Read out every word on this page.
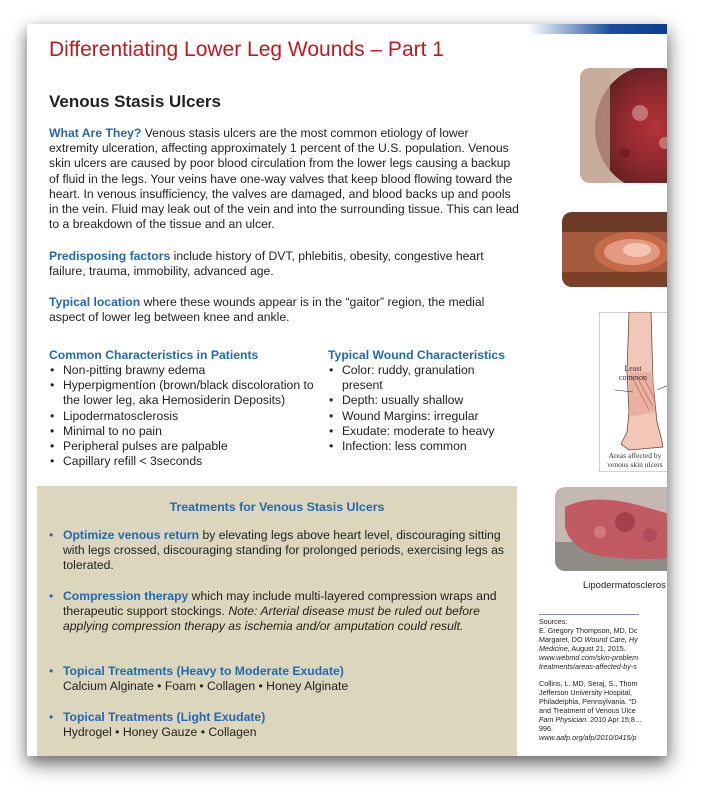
Differentiating Lower Leg Wounds – Part 1
Venous Stasis Ulcers
What Are They? Venous stasis ulcers are the most common etiology of lower extremity ulceration, affecting approximately 1 percent of the U.S. population. Venous skin ulcers are caused by poor blood circulation from the lower legs causing a backup of fluid in the legs. Your veins have one-way valves that keep blood flowing toward the heart. In venous insufficiency, the valves are damaged, and blood backs up and pools in the vein. Fluid may leak out of the vein and into the surrounding tissue. This can lead to a breakdown of the tissue and an ulcer.
Predisposing factors include history of DVT, phlebitis, obesity, congestive heart failure, trauma, immobility, advanced age.
Typical location where these wounds appear is in the “gaitor” region, the medial aspect of lower leg between knee and ankle.
Common Characteristics in Patients
• Non-pitting brawny edema
• Hyperpigmentíon (brown/black discoloration to the lower leg, aka Hemosiderin Deposits)
• Lipodermatosclerosis
• Minimal to no pain
• Peripheral pulses are palpable
• Capillary refill < 3seconds
Typical Wound Characteristics
• Color: ruddy, granulation present
• Depth: usually shallow
• Wound Margins: irregular
• Exudate: moderate to heavy
• Infection: less common
Treatments for Venous Stasis Ulcers
• Optimize venous return by elevating legs above heart level, discouraging sitting with legs crossed, discouraging standing for prolonged periods, exercising legs as tolerated.
• Compression therapy which may include multi-layered compression wraps and therapeutic support stockings. Note: Arterial disease must be ruled out before applying compression therapy as ischemia and/or amputation could result.
• Topical Treatments (Heavy to Moderate Exudate)
Calcium Alginate • Foam • Collagen • Honey Alginate
• Topical Treatments (Light Exudate)
Hydrogel • Honey Gauze • Collagen
Least
common
Areas affected by
venous skin ulcers
Lipodermatoscleros
Sources:
E. Gregory Thompson, MD, Dc
Margaret, DO Wound Care, Hy
Medicine, August 21, 2015.
www.webmd.com/skin-problem
treatments/areas-affected-by-s
Collins, L. MD, Seraj, S., Thom
Jefferson University Hospital,
Philadelphia, Pennsylvania. “D
and Treatment of Venous Ulce
Fam Physician. 2010 Apr 15;8…
996.
www.aafp.org/afp/2010/0415/p
